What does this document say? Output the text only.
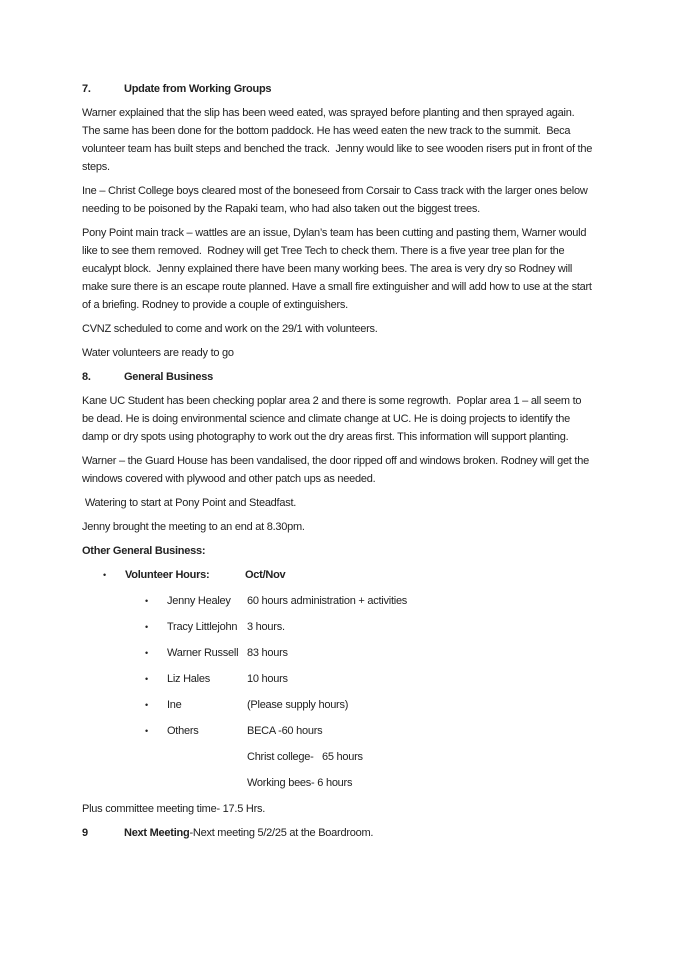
7.	Update from Working Groups

Warner explained that the slip has been weed eated, was sprayed before planting and then sprayed again. The same has been done for the bottom paddock. He has weed eaten the new track to the summit.  Beca volunteer team has built steps and benched the track.  Jenny would like to see wooden risers put in front of the steps.

Ine – Christ College boys cleared most of the boneseed from Corsair to Cass track with the larger ones below needing to be poisoned by the Rapaki team, who had also taken out the biggest trees.

Pony Point main track – wattles are an issue, Dylan’s team has been cutting and pasting them, Warner would like to see them removed.  Rodney will get Tree Tech to check them. There is a five year tree plan for the eucalypt block.  Jenny explained there have been many working bees. The area is very dry so Rodney will make sure there is an escape route planned. Have a small fire extinguisher and will add how to use at the start of a briefing. Rodney to provide a couple of extinguishers.

CVNZ scheduled to come and work on the 29/1 with volunteers.

Water volunteers are ready to go

8.	General Business

Kane UC Student has been checking poplar area 2 and there is some regrowth.  Poplar area 1 – all seem to be dead. He is doing environmental science and climate change at UC. He is doing projects to identify the damp or dry spots using photography to work out the dry areas first. This information will support planting.

Warner – the Guard House has been vandalised, the door ripped off and windows broken. Rodney will get the windows covered with plywood and other patch ups as needed.

Watering to start at Pony Point and Steadfast.

Jenny brought the meeting to an end at 8.30pm.

Other General Business:

•	Volunteer Hours:	Oct/Nov
•	Jenny Healey	60 hours administration + activities
•	Tracy Littlejohn 3 hours.
•	Warner Russell 83 hours
•	Liz Hales	10 hours
•	Ine	(Please supply hours)
•	Others	BECA -60 hours
Christ college-   65 hours
Working bees- 6 hours

Plus committee meeting time- 17.5 Hrs.

9	Next Meeting-Next meeting 5/2/25 at the Boardroom.
